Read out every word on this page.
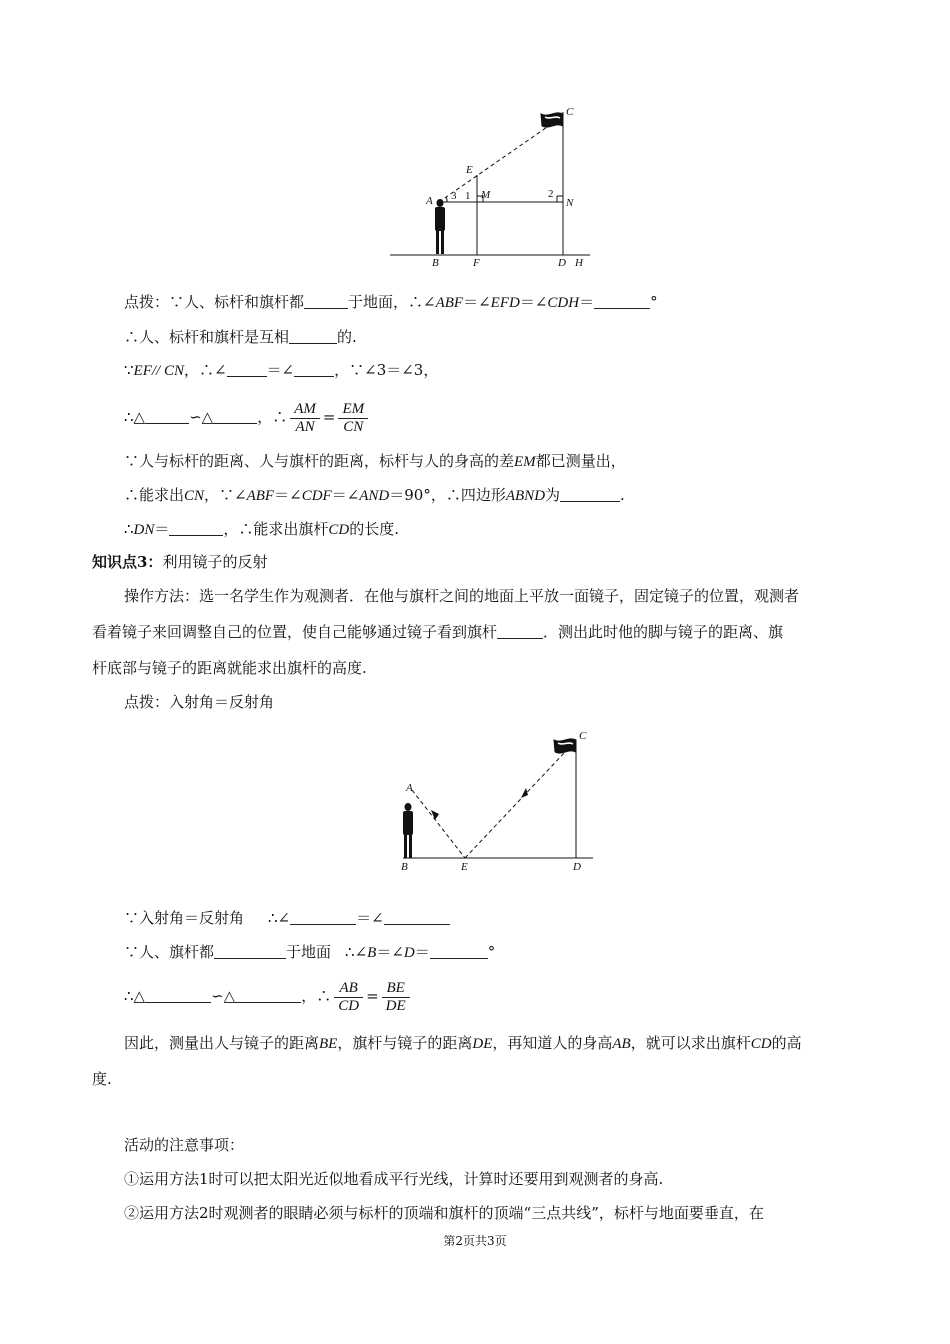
C
E
A 3 1 M	2
N
B	F	D H
点拨：∵人、标杆和旗杆都	于地面，∴∠ABF＝∠EFD＝∠CDH＝	°
∴人、标杆和旗杆是互相	的.
∵EF// CN，∴∠	＝∠	，∵∠3＝∠3，
∴△	∽△	，∴ $\frac{AM}{AN} = \frac{EM}{CN}$
∵人与标杆的距离、人与旗杆的距离，标杆与人的身高的差EM都已测量出，
∴能求出CN，∵∠ABF＝∠CDF＝∠AND＝90°，∴四边形ABND为	.
∴DN＝	，∴能求出旗杆CD的长度.
知识点3：利用镜子的反射
操作方法：选一名学生作为观测者．在他与旗杆之间的地面上平放一面镜子，固定镜子的位置，观测者
看着镜子来回调整自己的位置，使自己能够通过镜子看到旗杆	．测出此时他的脚与镜子的距离、旗
杆底部与镜子的距离就能求出旗杆的高度.
点拨：入射角＝反射角
C
A
B	E	D
∵入射角＝反射角 ∴∠	＝∠
∵人、旗杆都	于地面 ∴∠B＝∠D＝	°
∴△	∽△	，∴ $\frac{AB}{CD} = \frac{BE}{DE}$
因此，测量出人与镜子的距离BE，旗杆与镜子的距离DE，再知道人的身高AB，就可以求出旗杆CD的高
度.
活动的注意事项：
①运用方法1时可以把太阳光近似地看成平行光线，计算时还要用到观测者的身高.
②运用方法2时观测者的眼睛必须与标杆的顶端和旗杆的顶端“三点共线”，标杆与地面要垂直，在
第2页共3页
